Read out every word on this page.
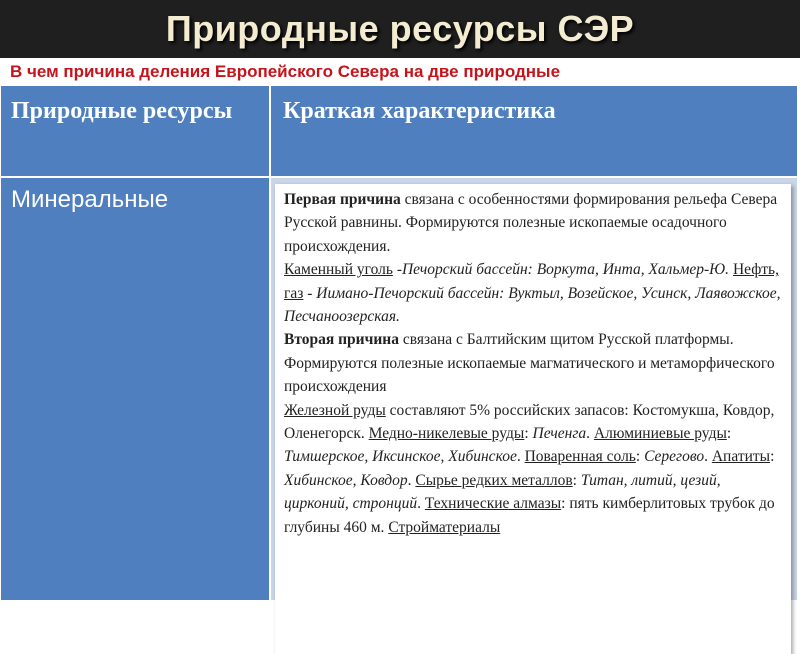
Природные ресурсы СЭР
В чем причина деления Европейского Севера на две природные
Природные ресурсы	Краткая характеристика
Минеральные	Первая причина связана с особенностями формирования рельефа Севера Русской равнины. Формируются полезные ископаемые осадочного происхождения.
Каменный уголь -Печорский бассейн: Воркута, Инта, Хальмер-Ю. Нефть, газ - Иимано-Печорский бассейн: Вуктыл, Возейское, Усинск, Лаявожское, Песчаноозерская.
Вторая причина связана с Балтийским щитом Русской платформы. Формируются полезные ископаемые магматического и метаморфического происхождения
Железной руды составляют 5% российских запасов: Костомукша, Ковдор, Оленегорск. Медно-никелевые руды: Печенга. Алюминиевые руды: Тимшерское, Иксинское, Хибинское. Поваренная соль: Серегово. Апатиты: Хибинское, Ковдор. Сырье редких металлов: Титан, литий, цезий, цирконий, стронций. Технические алмазы: пять кимберлитовых трубок до глубины 460 м. Стройматериалы
